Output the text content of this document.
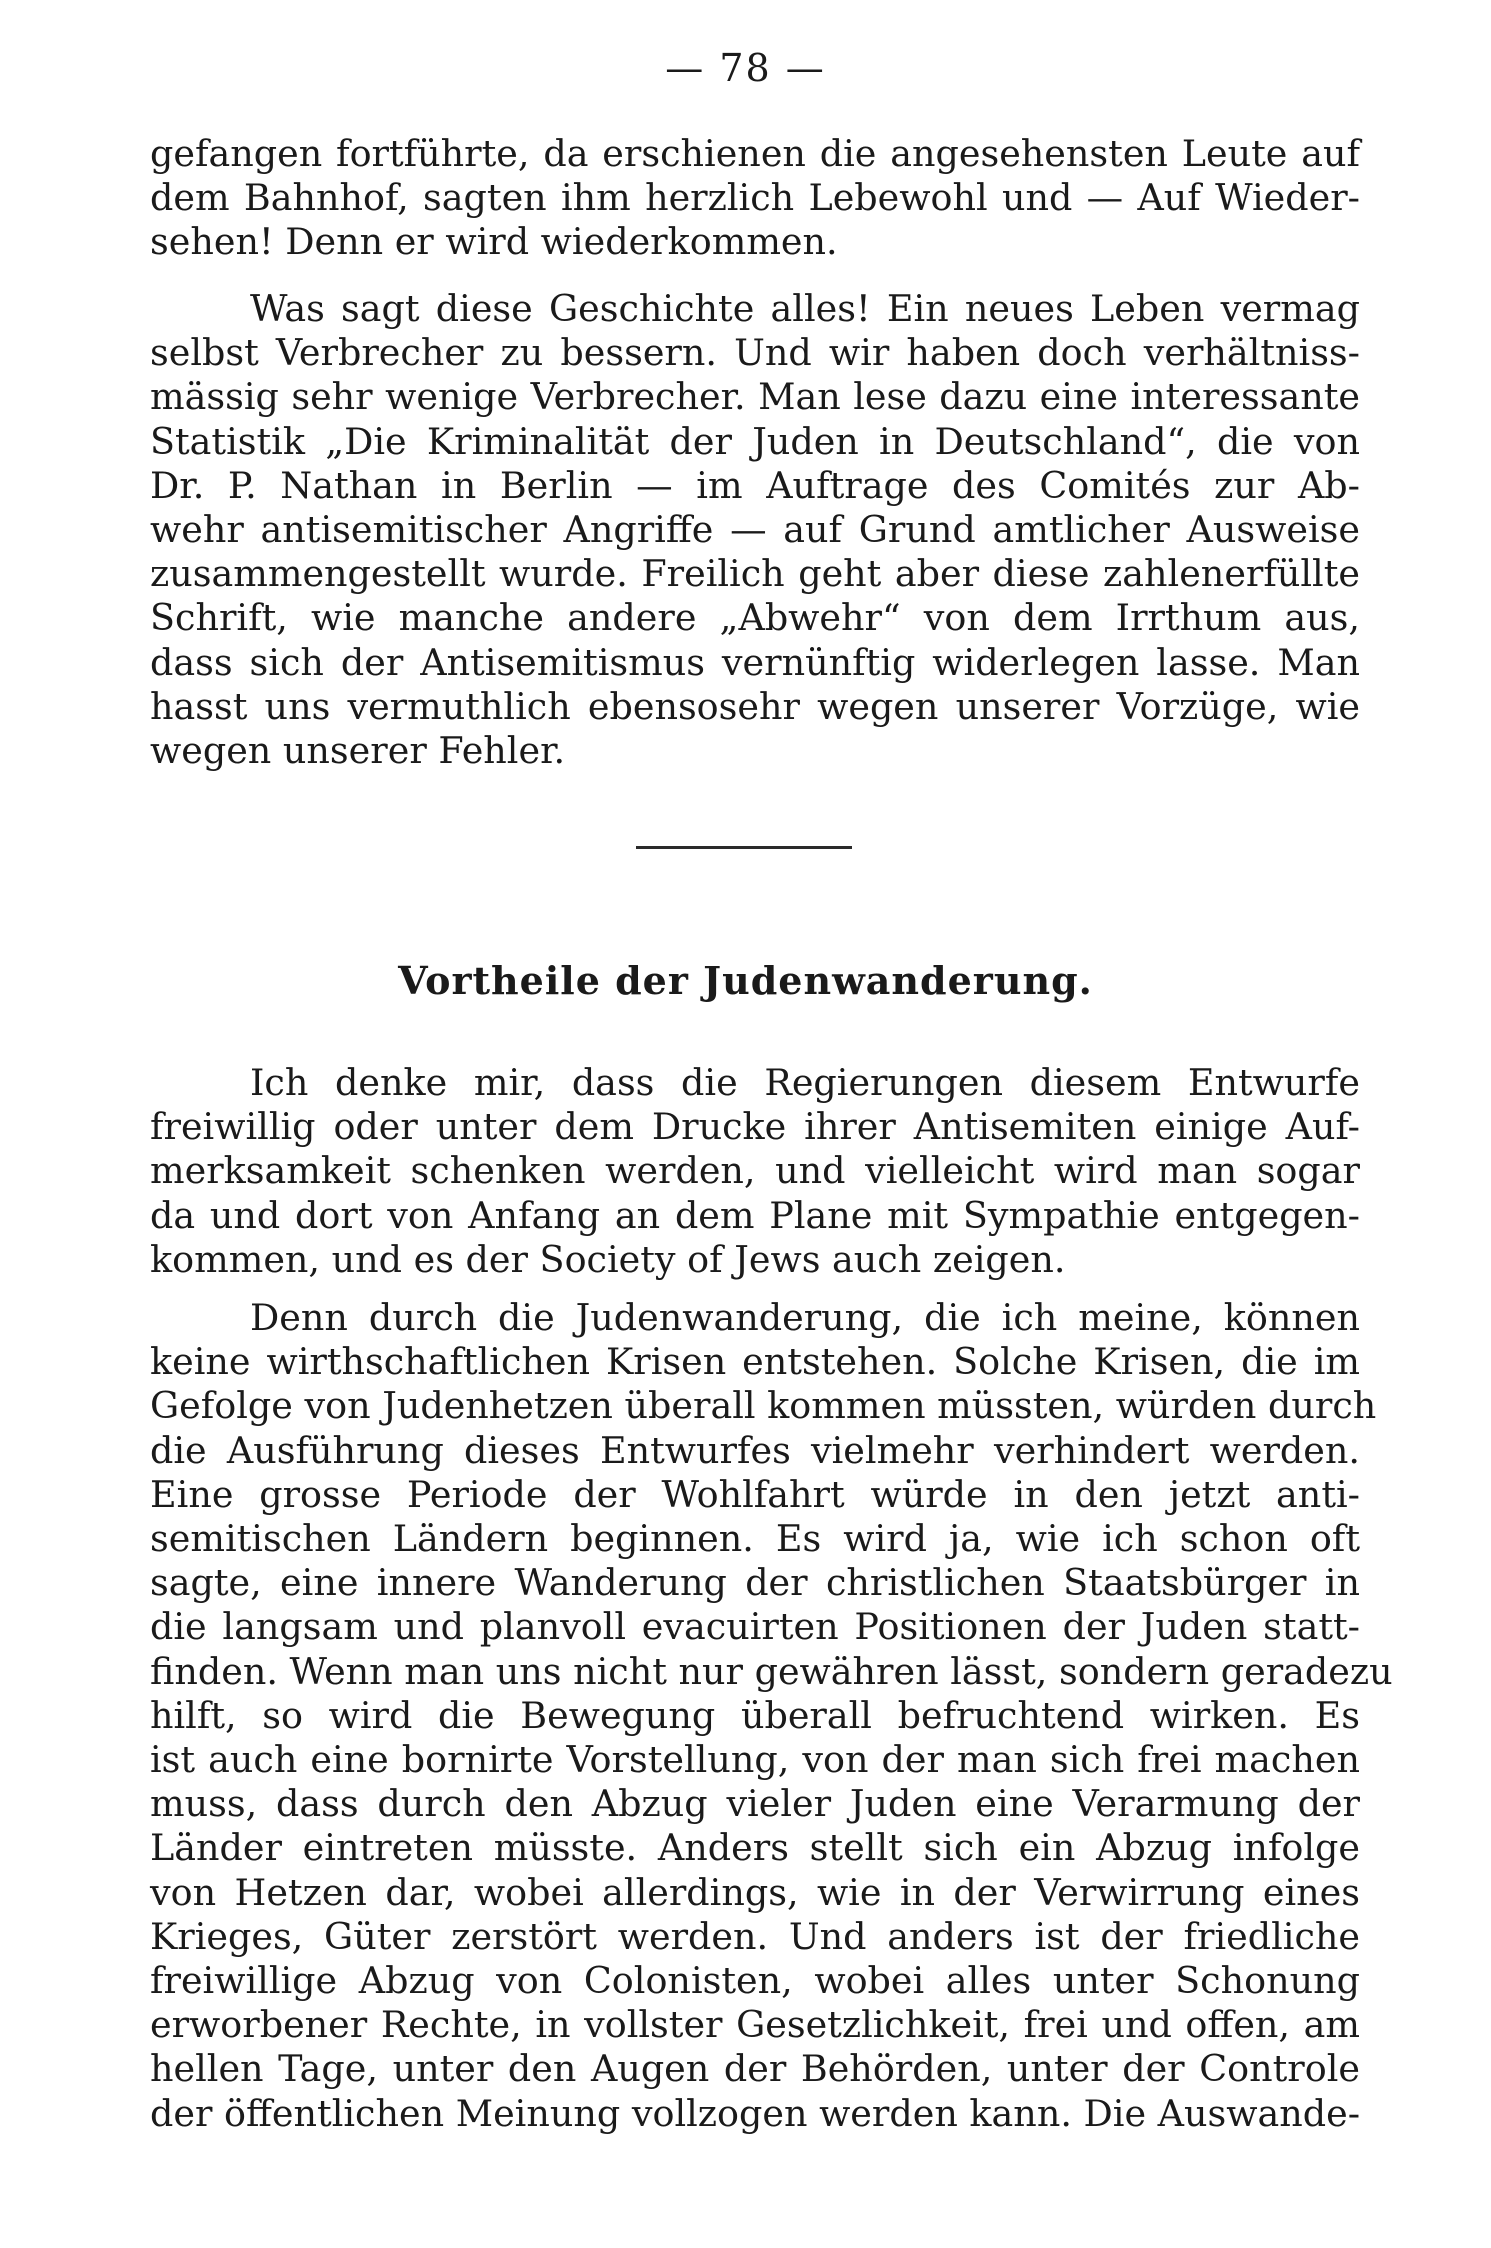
— 78 —
gefangen fortführte, da erschienen die angesehensten Leute auf
dem Bahnhof, sagten ihm herzlich Lebewohl und — Auf Wieder-
sehen! Denn er wird wiederkommen.
Was sagt diese Geschichte alles! Ein neues Leben vermag
selbst Verbrecher zu bessern. Und wir haben doch verhältniss-
mässig sehr wenige Verbrecher. Man lese dazu eine interessante
Statistik „Die Kriminalität der Juden in Deutschland“, die von
Dr. P. Nathan in Berlin — im Auftrage des Comités zur Ab-
wehr antisemitischer Angriffe — auf Grund amtlicher Ausweise
zusammengestellt wurde. Freilich geht aber diese zahlenerfüllte
Schrift, wie manche andere „Abwehr“ von dem Irrthum aus,
dass sich der Antisemitismus vernünftig widerlegen lasse. Man
hasst uns vermuthlich ebensosehr wegen unserer Vorzüge, wie
wegen unserer Fehler.
Vortheile der Judenwanderung.
Ich denke mir, dass die Regierungen diesem Entwurfe
freiwillig oder unter dem Drucke ihrer Antisemiten einige Auf-
merksamkeit schenken werden, und vielleicht wird man sogar
da und dort von Anfang an dem Plane mit Sympathie entgegen-
kommen, und es der Society of Jews auch zeigen.
Denn durch die Judenwanderung, die ich meine, können
keine wirthschaftlichen Krisen entstehen. Solche Krisen, die im
Gefolge von Judenhetzen überall kommen müssten, würden durch
die Ausführung dieses Entwurfes vielmehr verhindert werden.
Eine grosse Periode der Wohlfahrt würde in den jetzt anti-
semitischen Ländern beginnen. Es wird ja, wie ich schon oft
sagte, eine innere Wanderung der christlichen Staatsbürger in
die langsam und planvoll evacuirten Positionen der Juden statt-
finden. Wenn man uns nicht nur gewähren lässt, sondern geradezu
hilft, so wird die Bewegung überall befruchtend wirken. Es
ist auch eine bornirte Vorstellung, von der man sich frei machen
muss, dass durch den Abzug vieler Juden eine Verarmung der
Länder eintreten müsste. Anders stellt sich ein Abzug infolge
von Hetzen dar, wobei allerdings, wie in der Verwirrung eines
Krieges, Güter zerstört werden. Und anders ist der friedliche
freiwillige Abzug von Colonisten, wobei alles unter Schonung
erworbener Rechte, in vollster Gesetzlichkeit, frei und offen, am
hellen Tage, unter den Augen der Behörden, unter der Controle
der öffentlichen Meinung vollzogen werden kann. Die Auswande-
